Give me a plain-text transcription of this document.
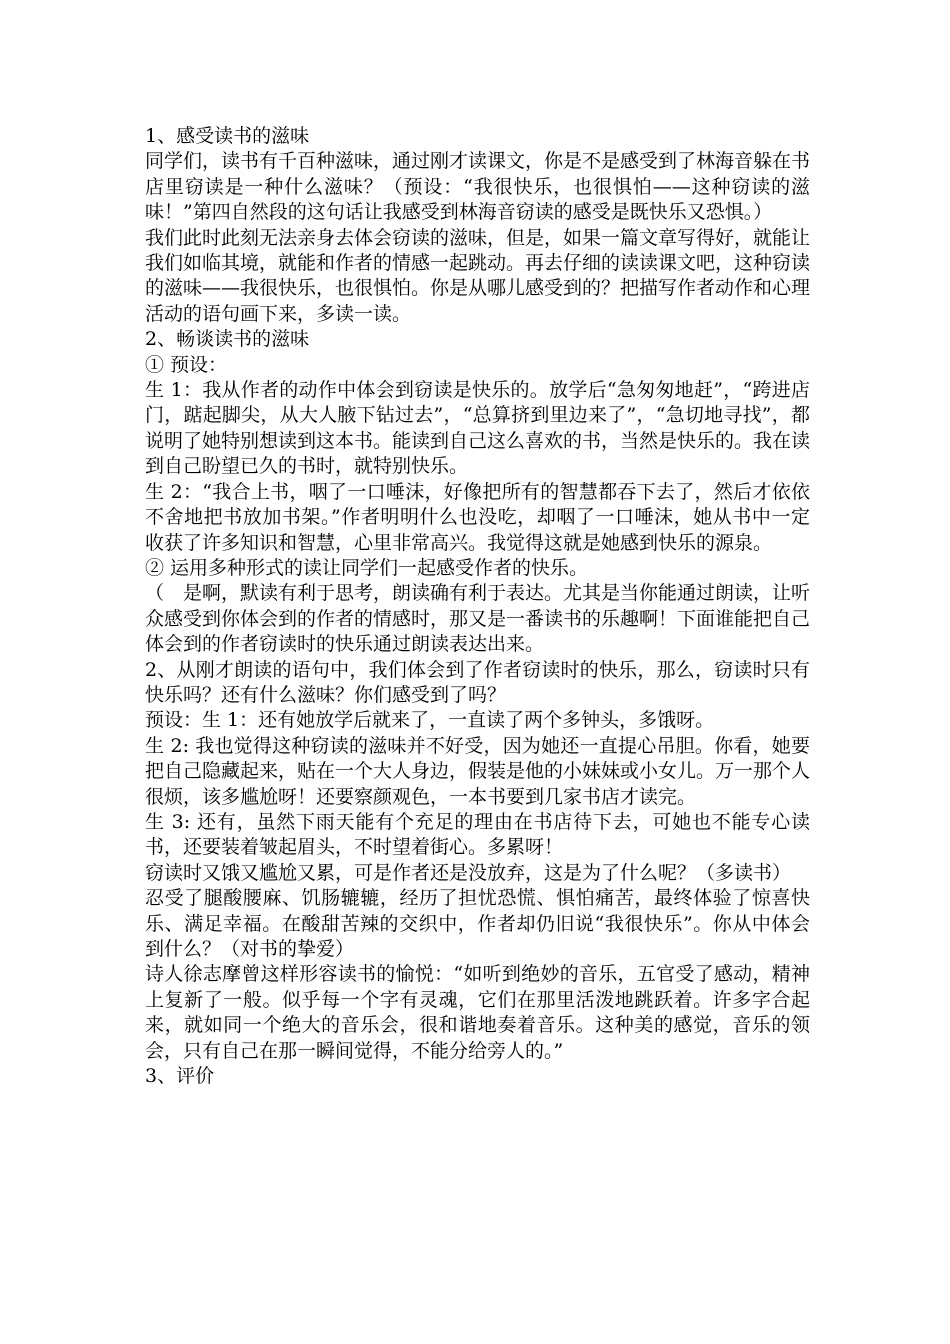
1、感受读书的滋味

同学们，读书有千百种滋味，通过刚才读课文，你是不是感受到了林海音躲在书店里窃读是一种什么滋味？（预设：“我很快乐，也很惧怕——这种窃读的滋味！”第四自然段的这句话让我感受到林海音窃读的感受是既快乐又恐惧。）

我们此时此刻无法亲身去体会窃读的滋味，但是，如果一篇文章写得好，就能让我们如临其境，就能和作者的情感一起跳动。再去仔细的读读课文吧，这种窃读的滋味——我很快乐，也很惧怕。你是从哪儿感受到的？把描写作者动作和心理活动的语句画下来，多读一读。

2、畅谈读书的滋味

① 预设：

生 1：我从作者的动作中体会到窃读是快乐的。放学后“急匆匆地赶”，“跨进店门，踮起脚尖，从大人腋下钻过去”，“总算挤到里边来了”，“急切地寻找”，都说明了她特别想读到这本书。能读到自己这么喜欢的书，当然是快乐的。我在读到自己盼望已久的书时，就特别快乐。

生 2：“我合上书，咽了一口唾沫，好像把所有的智慧都吞下去了，然后才依依不舍地把书放加书架。”作者明明什么也没吃，却咽了一口唾沫，她从书中一定收获了许多知识和智慧，心里非常高兴。我觉得这就是她感到快乐的源泉。

② 运用多种形式的读让同学们一起感受作者的快乐。

（　是啊，默读有利于思考，朗读确有利于表达。尤其是当你能通过朗读，让听众感受到你体会到的作者的情感时，那又是一番读书的乐趣啊！下面谁能把自己体会到的作者窃读时的快乐通过朗读表达出来。

2、从刚才朗读的语句中，我们体会到了作者窃读时的快乐，那么，窃读时只有快乐吗？还有什么滋味？你们感受到了吗？

预设：生 1：还有她放学后就来了，一直读了两个多钟头，多饿呀。

生 2: 我也觉得这种窃读的滋味并不好受，因为她还一直提心吊胆。你看，她要把自己隐藏起来，贴在一个大人身边，假装是他的小妹妹或小女儿。万一那个人很烦，该多尴尬呀！还要察颜观色，一本书要到几家书店才读完。

生 3: 还有，虽然下雨天能有个充足的理由在书店待下去，可她也不能专心读书，还要装着皱起眉头，不时望着街心。多累呀！

窃读时又饿又尴尬又累，可是作者还是没放弃，这是为了什么呢？（多读书）

忍受了腿酸腰麻、饥肠辘辘，经历了担忧恐慌、惧怕痛苦，最终体验了惊喜快乐、满足幸福。在酸甜苦辣的交织中，作者却仍旧说“我很快乐”。你从中体会到什么？（对书的挚爱）

诗人徐志摩曾这样形容读书的愉悦：“如听到绝妙的音乐，五官受了感动，精神上复新了一般。似乎每一个字有灵魂，它们在那里活泼地跳跃着。许多字合起来，就如同一个绝大的音乐会，很和谐地奏着音乐。这种美的感觉，音乐的领会，只有自己在那一瞬间觉得，不能分给旁人的。”

3、评价
